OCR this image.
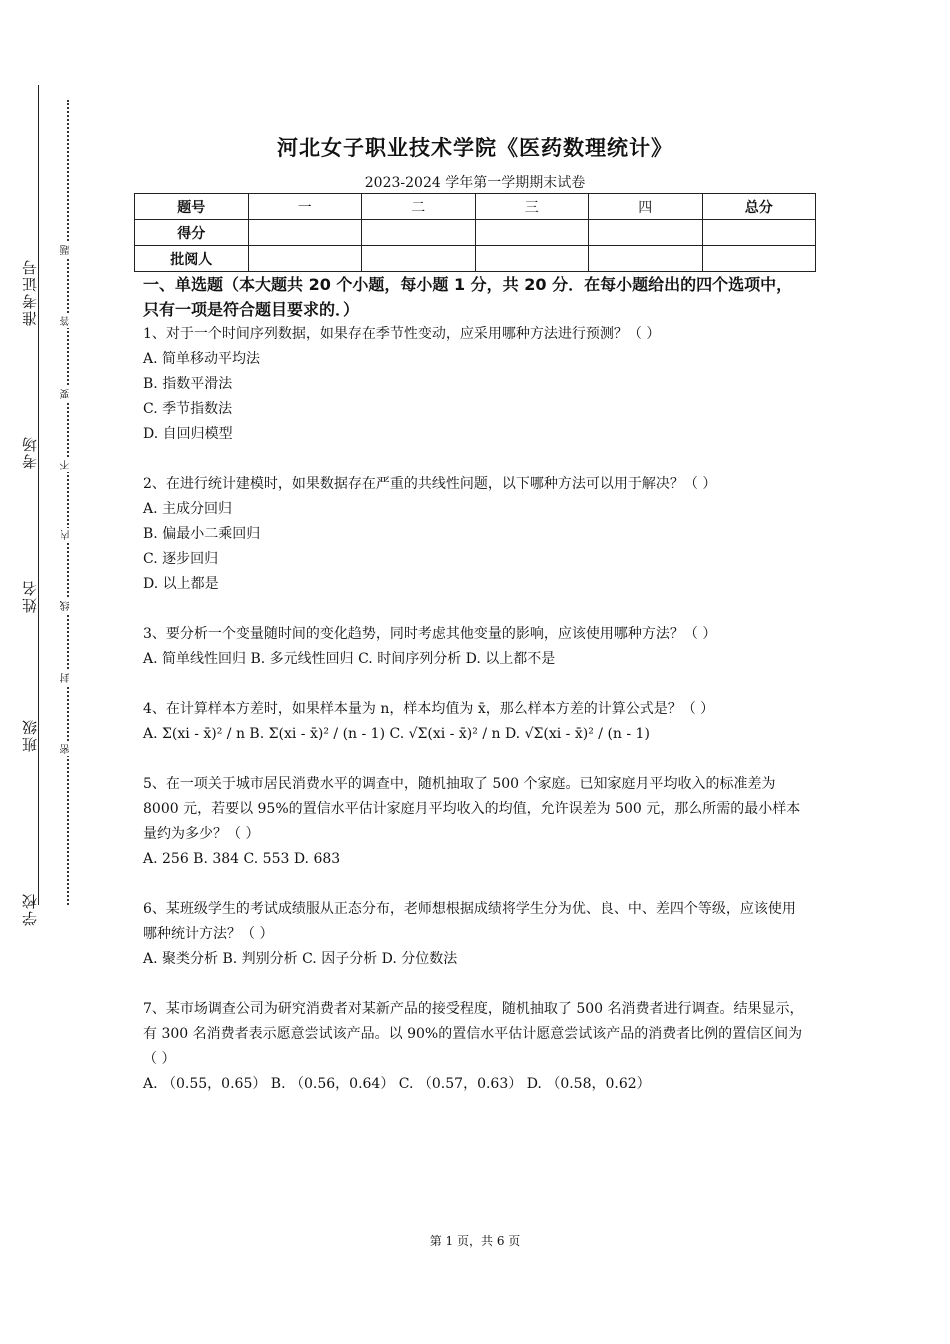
准考证号
考场
姓名
班级
学校
题
答
要
不
内
线
封
密
河北女子职业技术学院《医药数理统计》
2023-2024 学年第一学期期末试卷
题号	一	二	三	四	总分
得分					
批阅人					
一、单选题（本大题共 20 个小题，每小题 1 分，共 20 分．在每小题给出的四个选项中，只有一项是符合题目要求的．）

1、对于一个时间序列数据，如果存在季节性变动，应采用哪种方法进行预测？（ ）

A. 简单移动平均法

B. 指数平滑法

C. 季节指数法

D. 自回归模型

2、在进行统计建模时，如果数据存在严重的共线性问题，以下哪种方法可以用于解决？（ ）

A. 主成分回归

B. 偏最小二乘回归

C. 逐步回归

D. 以上都是

3、要分析一个变量随时间的变化趋势，同时考虑其他变量的影响，应该使用哪种方法？（ ）

A. 简单线性回归 B. 多元线性回归 C. 时间序列分析 D. 以上都不是

4、在计算样本方差时，如果样本量为 n，样本均值为 x̄，那么样本方差的计算公式是？（ ）

A. Σ(xi - x̄)² / n B. Σ(xi - x̄)² / (n - 1) C. √Σ(xi - x̄)² / n D. √Σ(xi - x̄)² / (n - 1)

5、在一项关于城市居民消费水平的调查中，随机抽取了 500 个家庭。已知家庭月平均收入的标准差为 8000 元，若要以 95%的置信水平估计家庭月平均收入的均值，允许误差为 500 元，那么所需的最小样本量约为多少？（ ）

A. 256 B. 384 C. 553 D. 683

6、某班级学生的考试成绩服从正态分布，老师想根据成绩将学生分为优、良、中、差四个等级，应该使用哪种统计方法？（ ）

A. 聚类分析 B. 判别分析 C. 因子分析 D. 分位数法

7、某市场调查公司为研究消费者对某新产品的接受程度，随机抽取了 500 名消费者进行调查。结果显示，有 300 名消费者表示愿意尝试该产品。以 90%的置信水平估计愿意尝试该产品的消费者比例的置信区间为（ ）

A. （0.55，0.65） B. （0.56，0.64） C. （0.57，0.63） D. （0.58，0.62）

第 1 页，共 6 页
